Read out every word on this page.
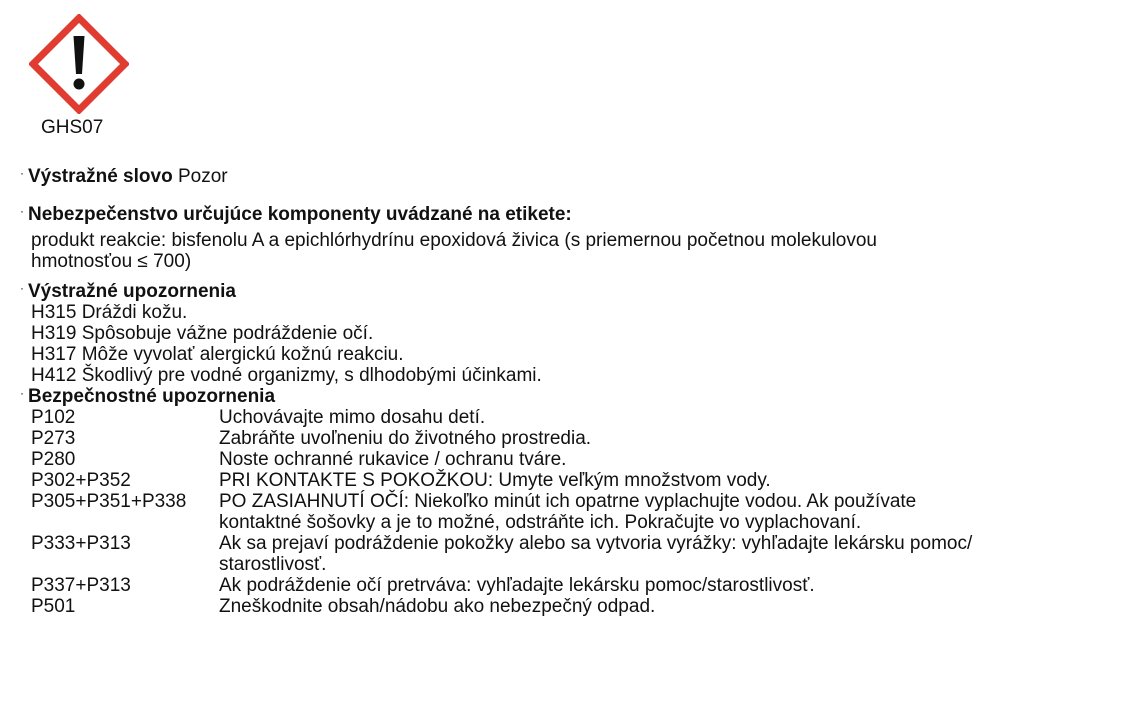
GHS07
· Výstražné slovo Pozor
· Nebezpečenstvo určujúce komponenty uvádzané na etikete:
produkt reakcie: bisfenolu A a epichlórhydrínu epoxidová živica (s priemernou početnou molekulovou
hmotnosťou ≤ 700)
· Výstražné upozornenia
H315 Dráždi kožu.
H319 Spôsobuje vážne podráždenie očí.
H317 Môže vyvolať alergickú kožnú reakciu.
H412 Škodlivý pre vodné organizmy, s dlhodobými účinkami.
· Bezpečnostné upozornenia
P102	Uchovávajte mimo dosahu detí.
P273	Zabráňte uvoľneniu do životného prostredia.
P280	Noste ochranné rukavice / ochranu tváre.
P302+P352	PRI KONTAKTE S POKOŽKOU: Umyte veľkým množstvom vody.
P305+P351+P338 PO ZASIAHNUTÍ OČÍ: Niekoľko minút ich opatrne vyplachujte vodou. Ak používate
kontaktné šošovky a je to možné, odstráňte ich. Pokračujte vo vyplachovaní.
P333+P313	Ak sa prejaví podráždenie pokožky alebo sa vytvoria vyrážky: vyhľadajte lekársku pomoc/
starostlivosť.
P337+P313	Ak podráždenie očí pretrváva: vyhľadajte lekársku pomoc/starostlivosť.
P501	Zneškodnite obsah/nádobu ako nebezpečný odpad.
